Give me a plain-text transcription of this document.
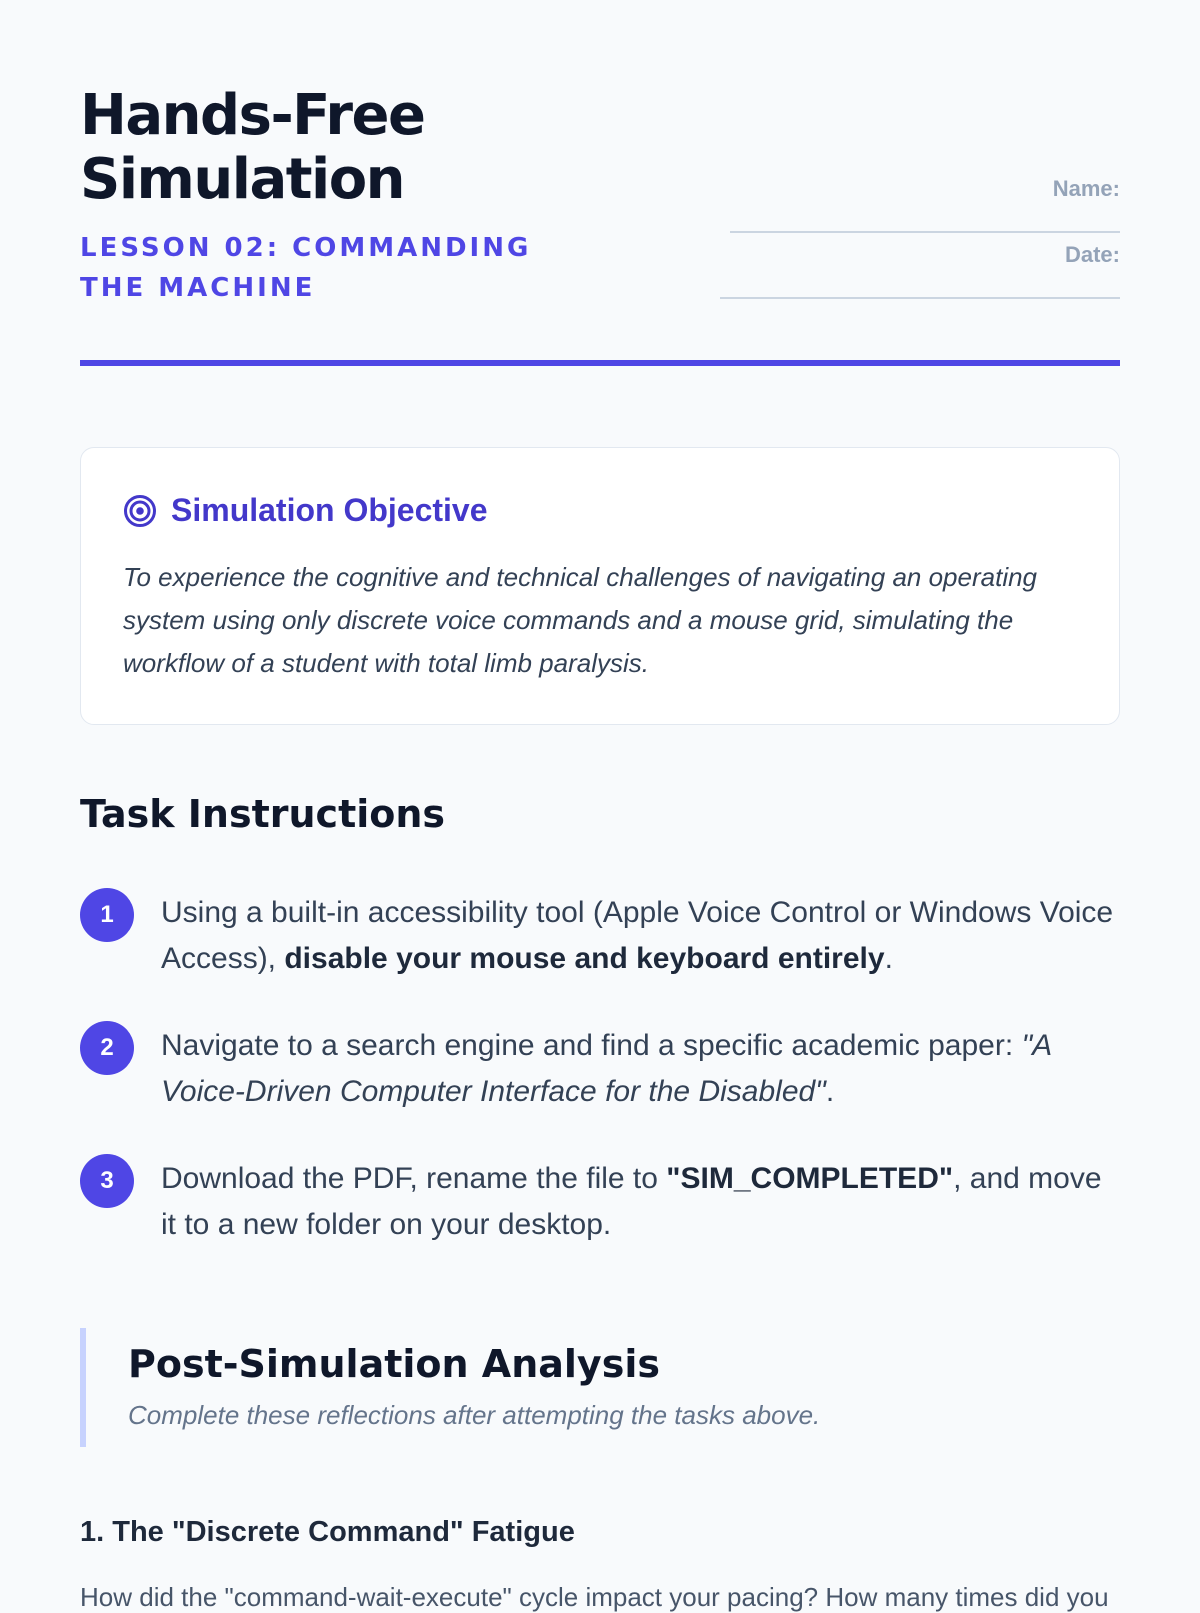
Hands-Free Simulation

LESSON 02: COMMANDING THE MACHINE

Name:
Date:
Simulation Objective

To experience the cognitive and technical challenges of navigating an operating system using only discrete voice commands and a mouse grid, simulating the workflow of a student with total limb paralysis.

Task Instructions
1	Using a built-in accessibility tool (Apple Voice Control or Windows Voice Access), disable your mouse and keyboard entirely.
2	Navigate to a search engine and find a specific academic paper: "A Voice-Driven Computer Interface for the Disabled".
3	Download the PDF, rename the file to "SIM_COMPLETED", and move it to a new folder on your desktop.
Post-Simulation Analysis

Complete these reflections after attempting the tasks above.

1. The "Discrete Command" Fatigue

How did the "command-wait-execute" cycle impact your pacing? How many times did you
